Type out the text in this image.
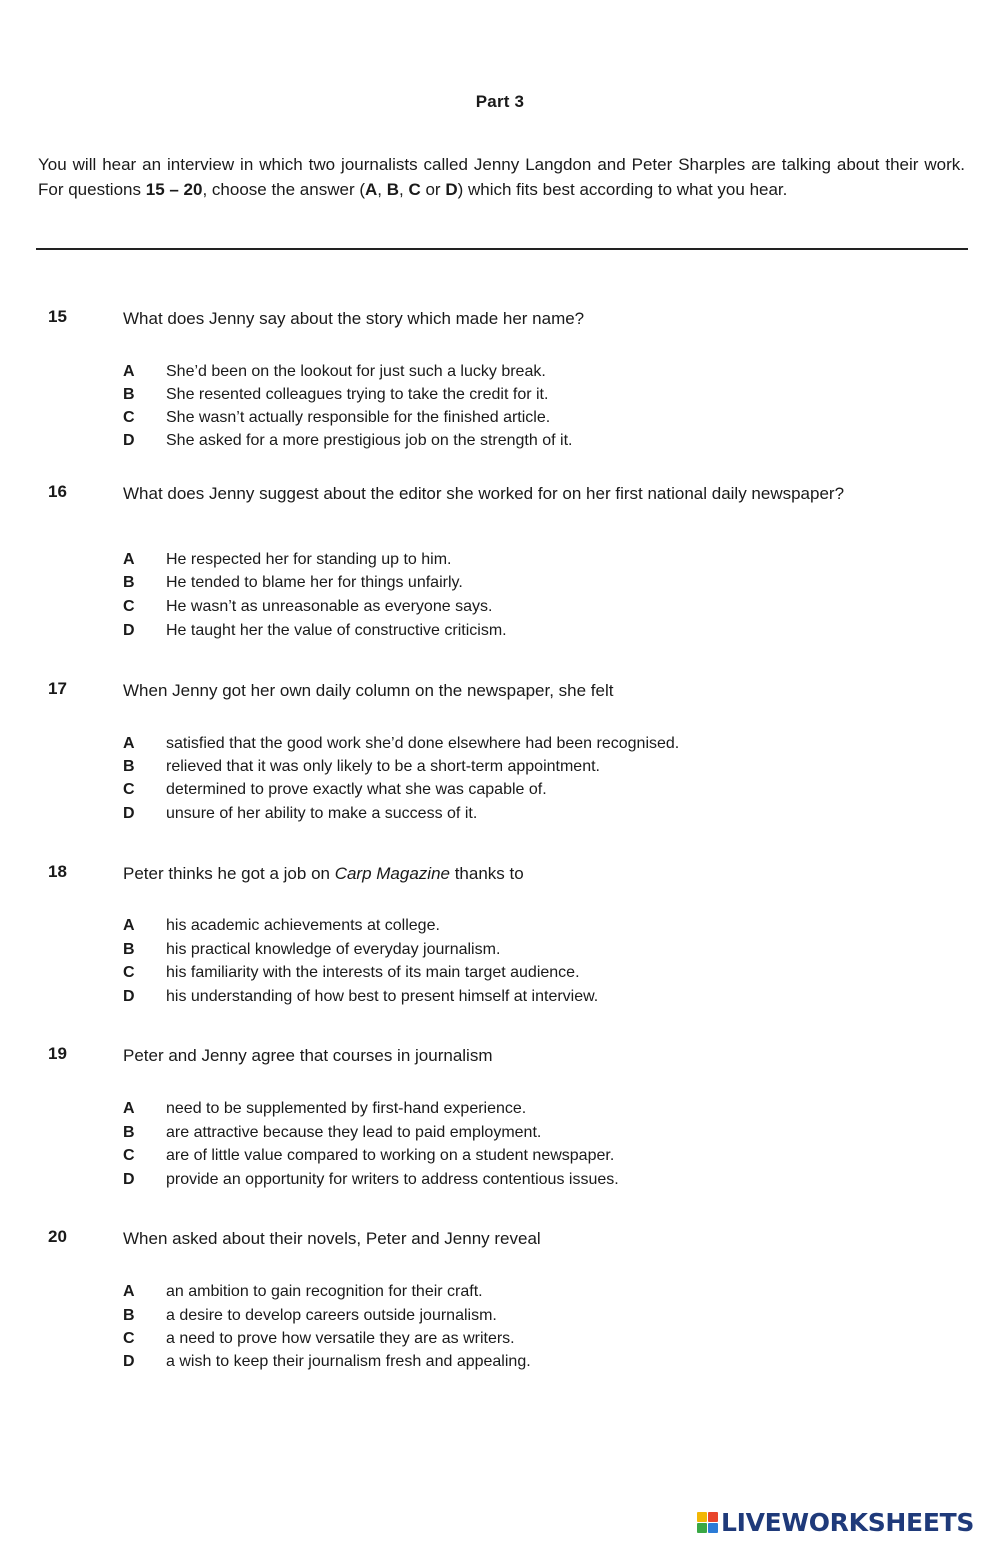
Part 3
You will hear an interview in which two journalists called Jenny Langdon and Peter Sharples are talking about their work. For questions 15 – 20, choose the answer (A, B, C or D) which fits best according to what you hear.
15	What does Jenny say about the story which made her name?
A She’d been on the lookout for just such a lucky break.
B She resented colleagues trying to take the credit for it.
C She wasn’t actually responsible for the finished article.
D She asked for a more prestigious job on the strength of it.
16	What does Jenny suggest about the editor she worked for on her first national daily newspaper?
A He respected her for standing up to him.
B He tended to blame her for things unfairly.
C He wasn’t as unreasonable as everyone says.
D He taught her the value of constructive criticism.
17	When Jenny got her own daily column on the newspaper, she felt
A satisfied that the good work she’d done elsewhere had been recognised.
B relieved that it was only likely to be a short-term appointment.
C determined to prove exactly what she was capable of.
D unsure of her ability to make a success of it.
18	Peter thinks he got a job on Carp Magazine thanks to
A his academic achievements at college.
B his practical knowledge of everyday journalism.
C his familiarity with the interests of its main target audience.
D his understanding of how best to present himself at interview.
19	Peter and Jenny agree that courses in journalism
A need to be supplemented by first-hand experience.
B are attractive because they lead to paid employment.
C are of little value compared to working on a student newspaper.
D provide an opportunity for writers to address contentious issues.
20	When asked about their novels, Peter and Jenny reveal
A an ambition to gain recognition for their craft.
B a desire to develop careers outside journalism.
C a need to prove how versatile they are as writers.
D a wish to keep their journalism fresh and appealing.
LIVEWORKSHEETS
